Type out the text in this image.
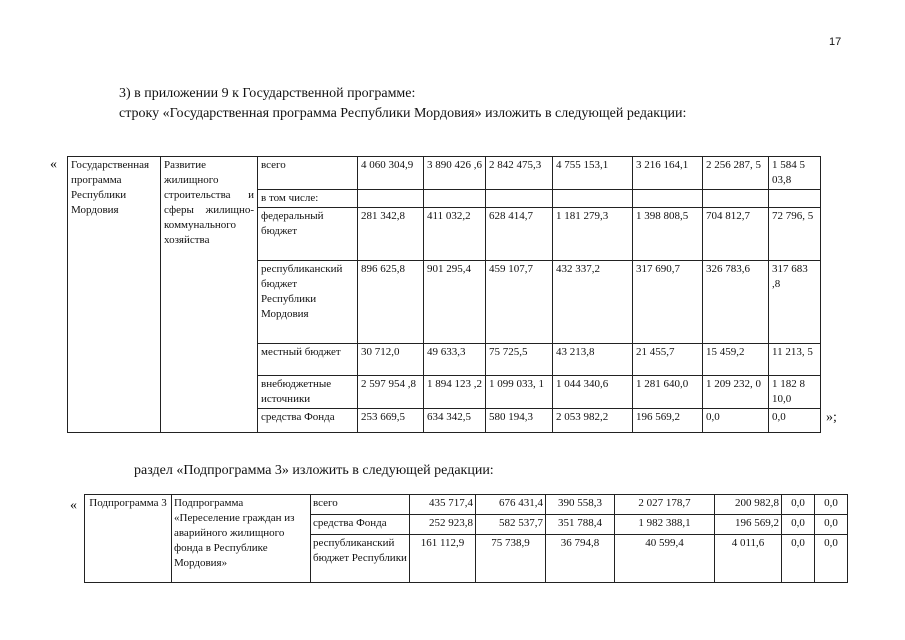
17
3) в приложении 9 к Государственной программе:
строку «Государственная программа Республики Мордовия» изложить в следующей редакции:
« Государственная программа Республики Мордовия	Развитие жилищного строительства и сферы жилищно-коммунального хозяйства	всего	4 060 304,9	3 890 426 ,6	2 842 475,3	4 755 153,1	3 216 164,1	2 256 287, 5	1 584 5 03,8
		в том числе:							
		федеральный бюджет	281 342,8	411 032,2	628 414,7	1 181 279,3	1 398 808,5	704 812,7	72 796, 5
		республиканский бюджет Республики Мордовия	896 625,8	901 295,4	459 107,7	432 337,2	317 690,7	326 783,6	317 683 ,8
		местный бюджет	30 712,0	49 633,3	75 725,5	43 213,8	21 455,7	15 459,2	11 213, 5
		внебюджетные источники	2 597 954 ,8	1 894 123 ,2	1 099 033, 1	1 044 340,6	1 281 640,0	1 209 232, 0	1 182 8 10,0
		средства Фонда	253 669,5	634 342,5	580 194,3	2 053 982,2	196 569,2	0,0	0,0	»;
раздел «Подпрограмма 3» изложить в следующей редакции:
« Подпрограмма 3	Подпрограмма «Переселение граждан из аварийного жилищного фонда в Республике Мордовия»	всего	435 717,4	676 431,4	390 558,3	2 027 178,7	200 982,8	0,0	0,0
		средства Фонда	252 923,8	582 537,7	351 788,4	1 982 388,1	196 569,2	0,0	0,0
		республиканский бюджет Республики	161 112,9	75 738,9	36 794,8	40 599,4	4 011,6	0,0	0,0
